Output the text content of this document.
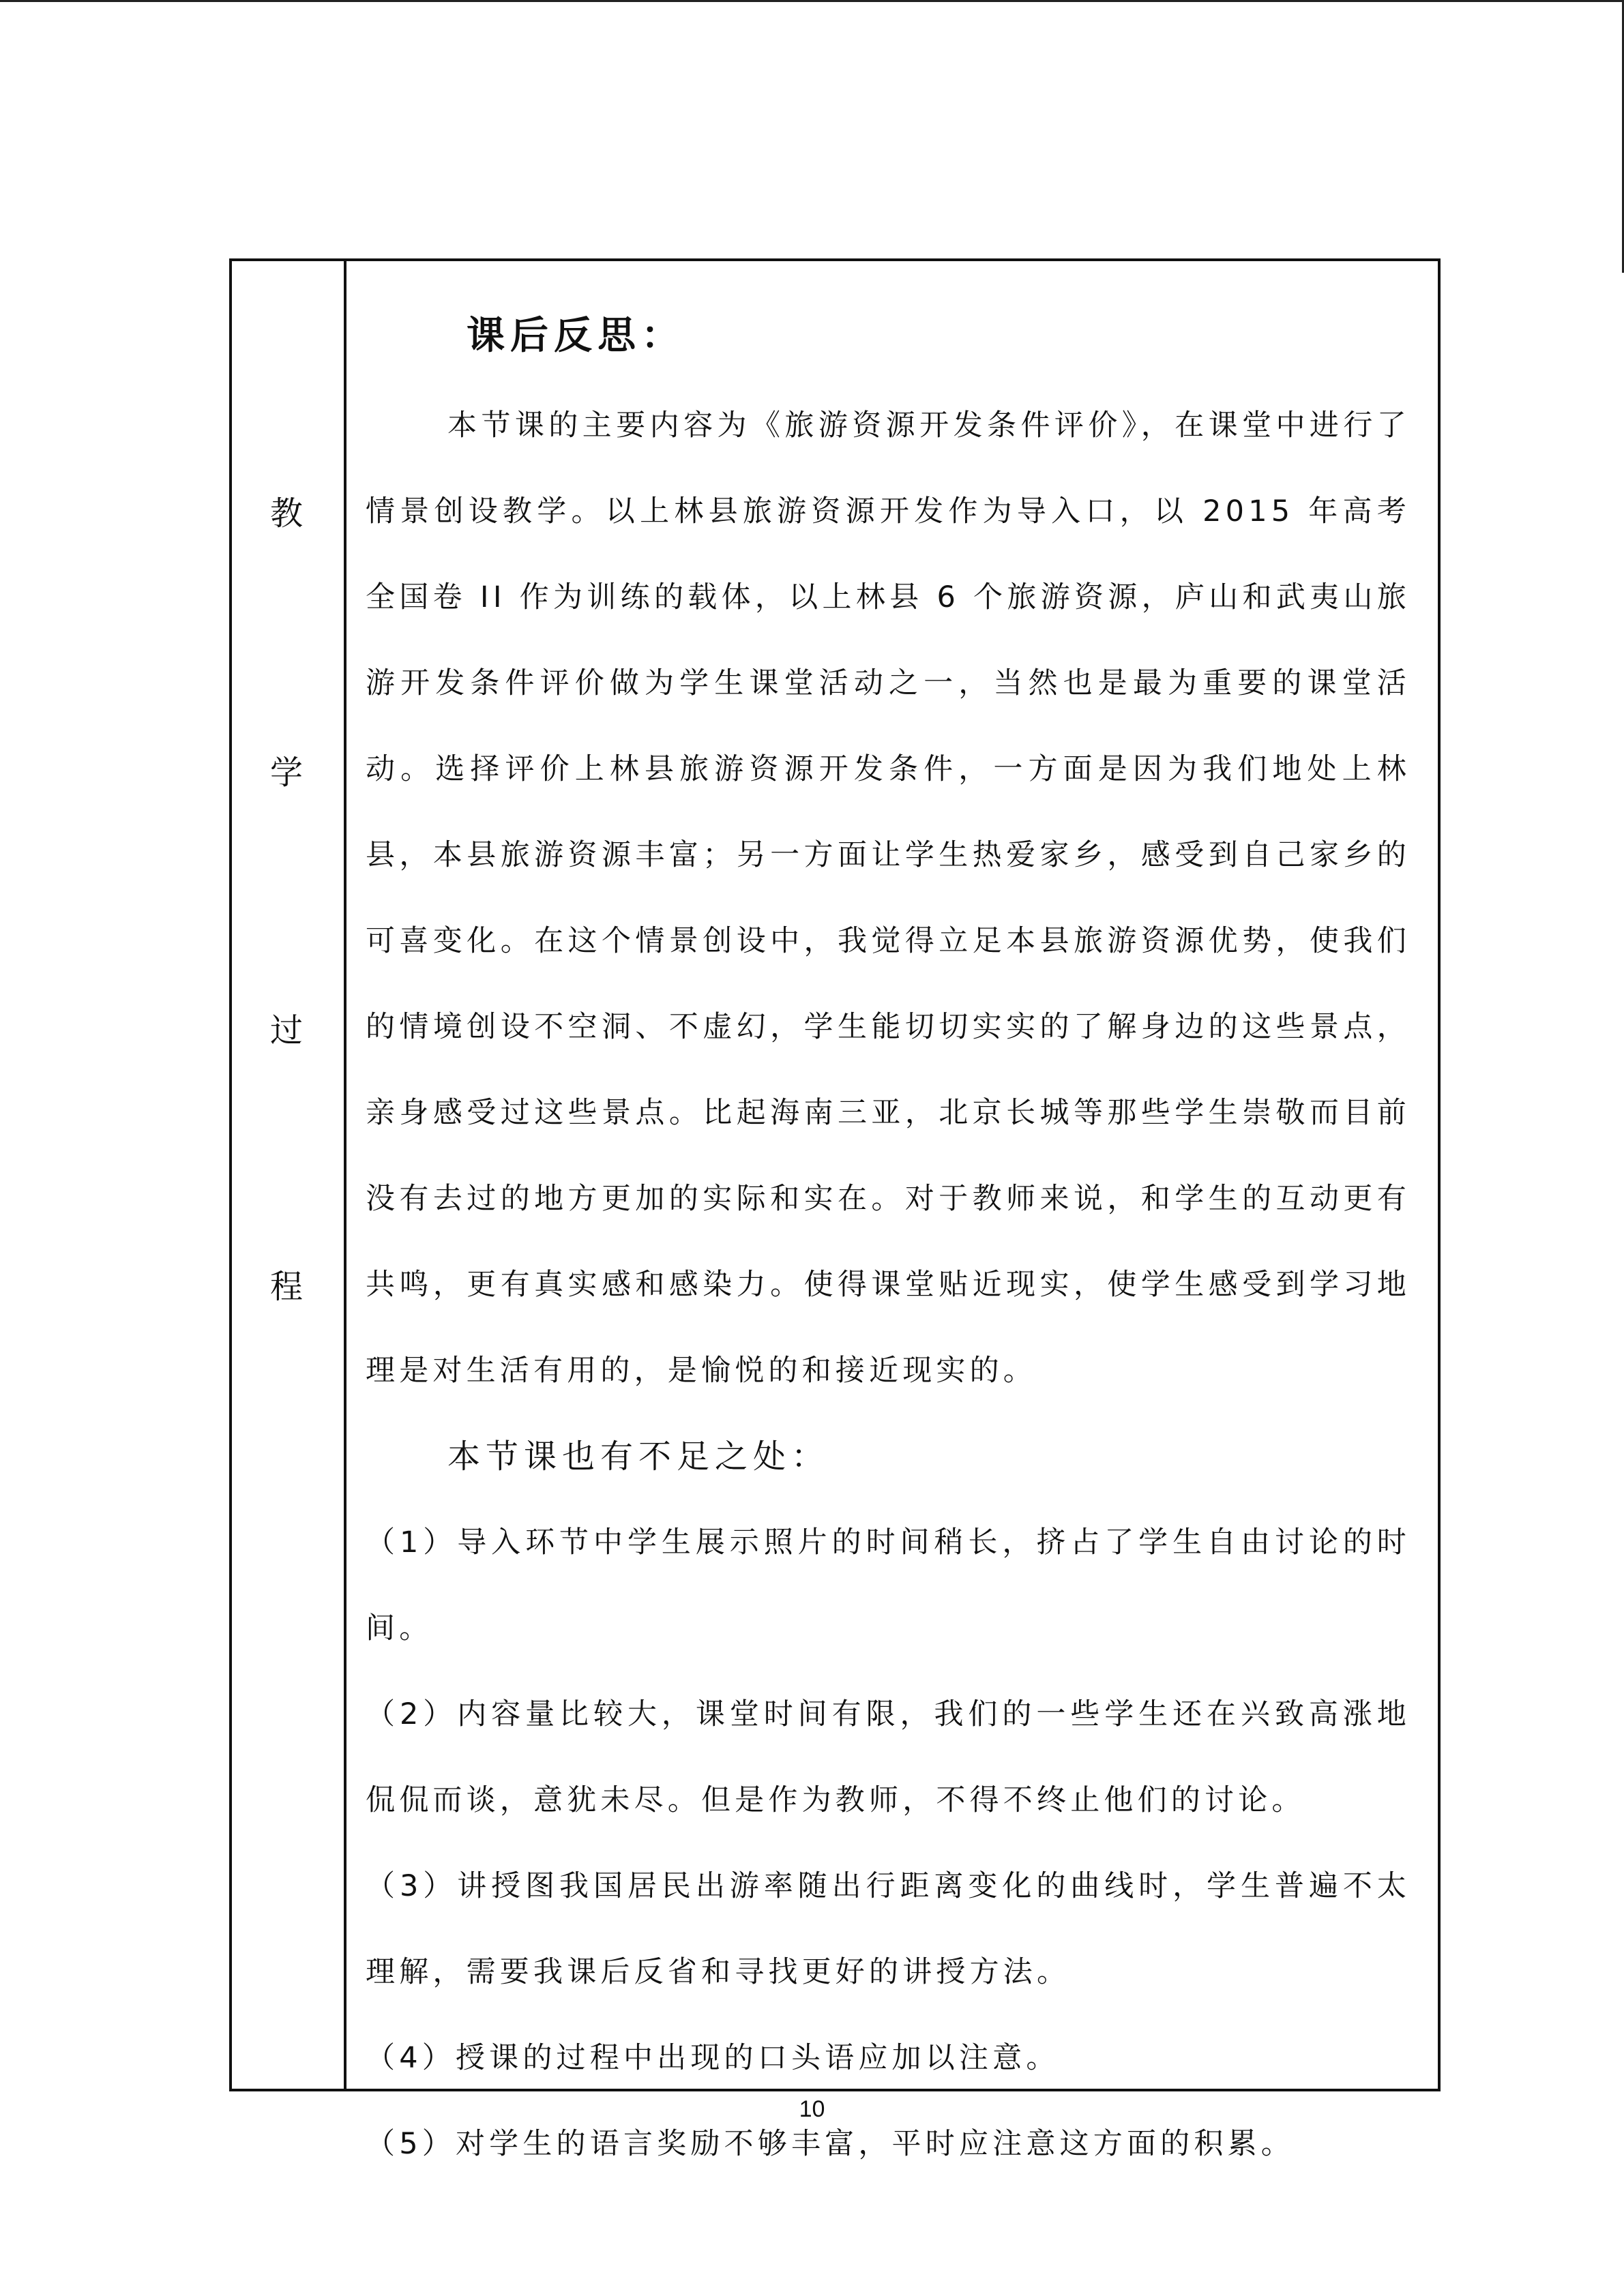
教
学
过
程
课后反思：

本节课的主要内容为《旅游资源开发条件评价》，在课堂中进行了情景创设教学。以上林县旅游资源开发作为导入口，以 2015 年高考全国卷 II 作为训练的载体，以上林县 6 个旅游资源，庐山和武夷山旅游开发条件评价做为学生课堂活动之一，当然也是最为重要的课堂活动。选择评价上林县旅游资源开发条件，一方面是因为我们地处上林县，本县旅游资源丰富；另一方面让学生热爱家乡，感受到自己家乡的可喜变化。在这个情景创设中，我觉得立足本县旅游资源优势，使我们的情境创设不空洞、不虚幻，学生能切切实实的了解身边的这些景点，亲身感受过这些景点。比起海南三亚，北京长城等那些学生崇敬而目前没有去过的地方更加的实际和实在。对于教师来说，和学生的互动更有共鸣，更有真实感和感染力。使得课堂贴近现实，使学生感受到学习地理是对生活有用的，是愉悦的和接近现实的。

本节课也有不足之处：
（1）导入环节中学生展示照片的时间稍长，挤占了学生自由讨论的时间。
（2）内容量比较大，课堂时间有限，我们的一些学生还在兴致高涨地侃侃而谈，意犹未尽。但是作为教师，不得不终止他们的讨论。
（3）讲授图我国居民出游率随出行距离变化的曲线时，学生普遍不太理解，需要我课后反省和寻找更好的讲授方法。
（4）授课的过程中出现的口头语应加以注意。
（5）对学生的语言奖励不够丰富，平时应注意这方面的积累。
10
